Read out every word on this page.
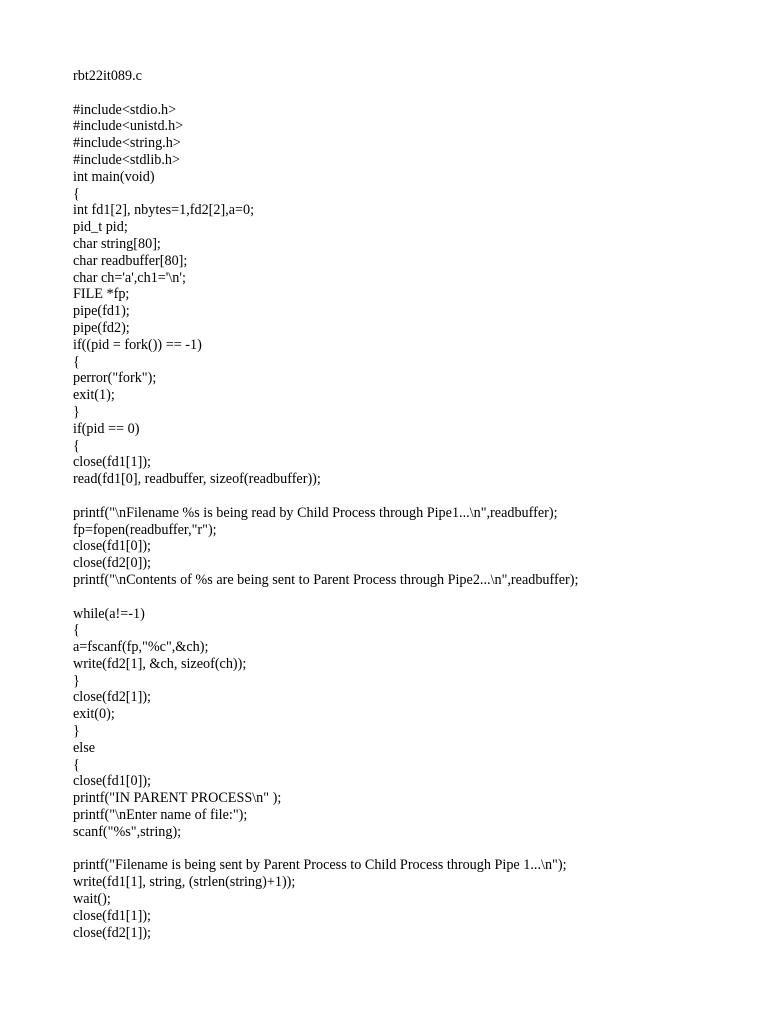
rbt22it089.c
#include<stdio.h>
#include<unistd.h>
#include<string.h>
#include<stdlib.h>
int main(void)
{
int fd1[2], nbytes=1,fd2[2],a=0;
pid_t pid;
char string[80];
char readbuffer[80];
char ch='a',ch1='\n';
FILE *fp;
pipe(fd1);
pipe(fd2);
if((pid = fork()) == -1)
{
perror("fork");
exit(1);
}
if(pid == 0)
{
close(fd1[1]);
read(fd1[0], readbuffer, sizeof(readbuffer));
printf("\nFilename %s is being read by Child Process through Pipe1...\n",readbuffer);
fp=fopen(readbuffer,"r");
close(fd1[0]);
close(fd2[0]);
printf("\nContents of %s are being sent to Parent Process through Pipe2...\n",readbuffer);
while(a!=-1)
{
a=fscanf(fp,"%c",&ch);
write(fd2[1], &ch, sizeof(ch));
}
close(fd2[1]);
exit(0);
}
else
{
close(fd1[0]);
printf("IN PARENT PROCESS\n" );
printf("\nEnter name of file:");
scanf("%s",string);
printf("Filename is being sent by Parent Process to Child Process through Pipe 1...\n");
write(fd1[1], string, (strlen(string)+1));
wait();
close(fd1[1]);
close(fd2[1]);
